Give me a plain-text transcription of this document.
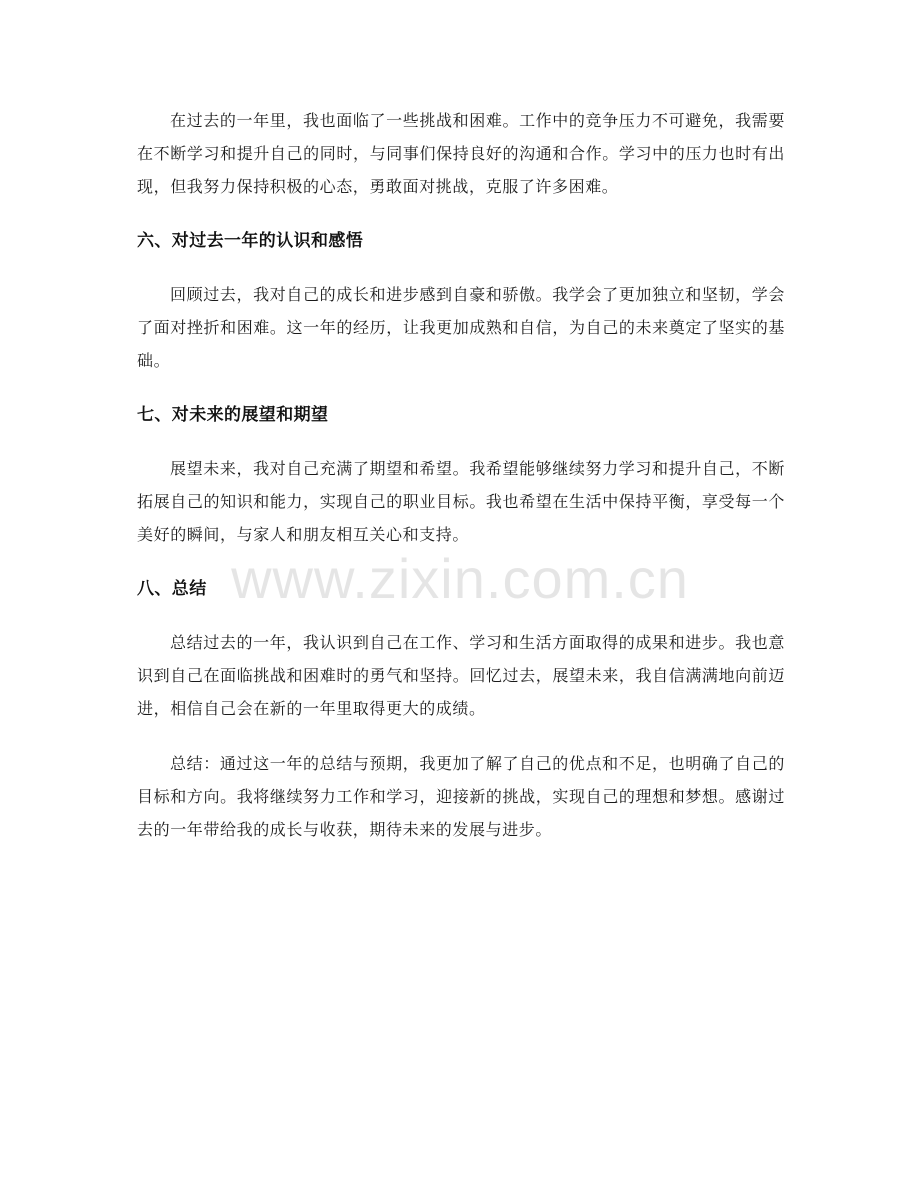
在过去的一年里，我也面临了一些挑战和困难。工作中的竞争压力不可避免，我需要在不断学习和提升自己的同时，与同事们保持良好的沟通和合作。学习中的压力也时有出现，但我努力保持积极的心态，勇敢面对挑战，克服了许多困难。

六、对过去一年的认识和感悟

回顾过去，我对自己的成长和进步感到自豪和骄傲。我学会了更加独立和坚韧，学会了面对挫折和困难。这一年的经历，让我更加成熟和自信，为自己的未来奠定了坚实的基础。

七、对未来的展望和期望

展望未来，我对自己充满了期望和希望。我希望能够继续努力学习和提升自己，不断拓展自己的知识和能力，实现自己的职业目标。我也希望在生活中保持平衡，享受每一个美好的瞬间，与家人和朋友相互关心和支持。

八、总结

总结过去的一年，我认识到自己在工作、学习和生活方面取得的成果和进步。我也意识到自己在面临挑战和困难时的勇气和坚持。回忆过去，展望未来，我自信满满地向前迈进，相信自己会在新的一年里取得更大的成绩。

总结：通过这一年的总结与预期，我更加了解了自己的优点和不足，也明确了自己的目标和方向。我将继续努力工作和学习，迎接新的挑战，实现自己的理想和梦想。感谢过去的一年带给我的成长与收获，期待未来的发展与进步。

www.zixin.com.cn
